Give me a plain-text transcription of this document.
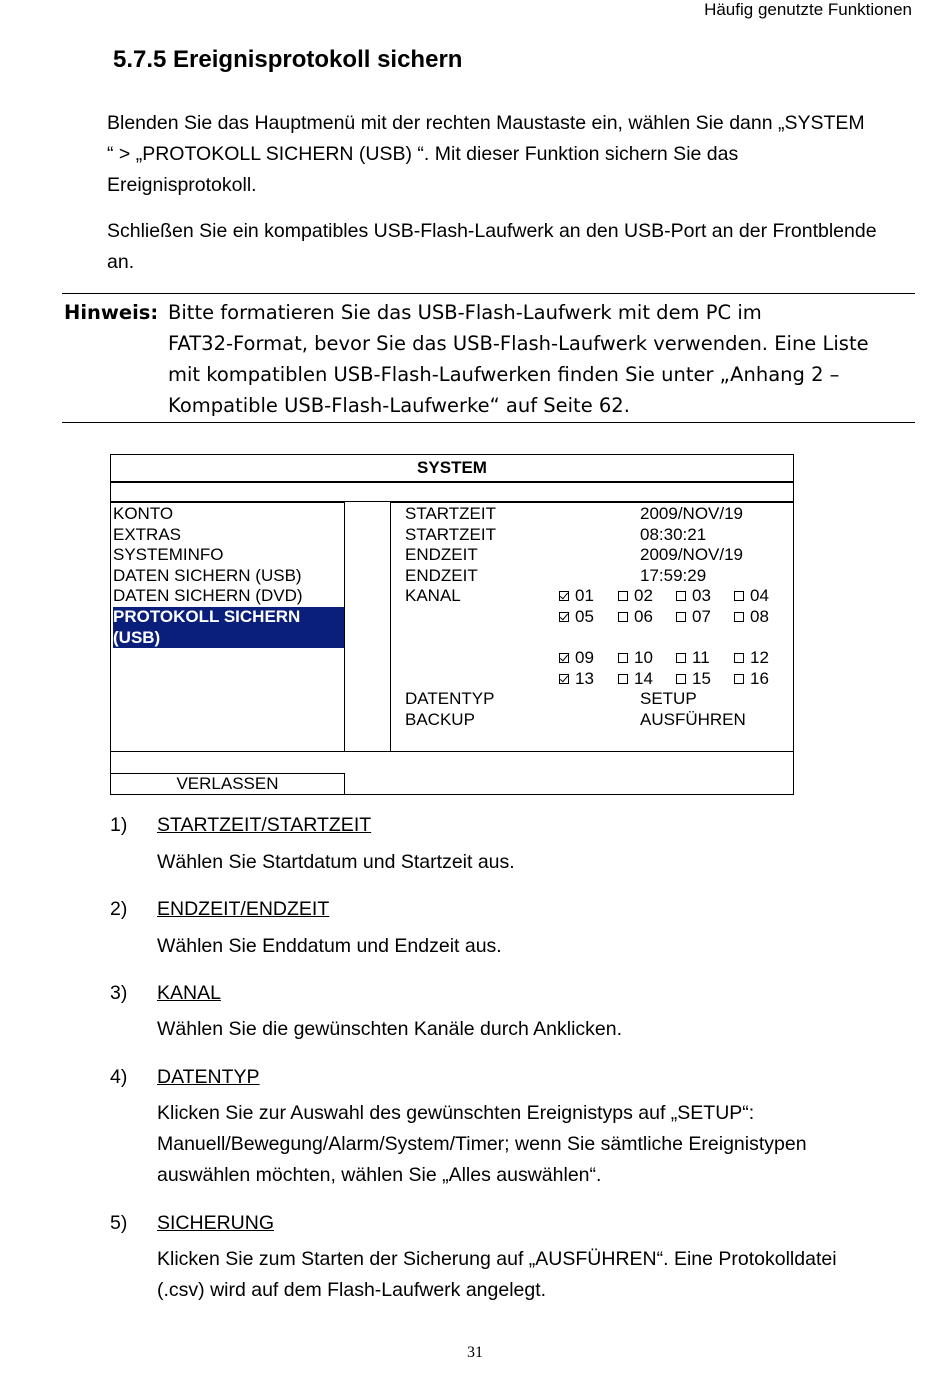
Häufig genutzte Funktionen
5.7.5 Ereignisprotokoll sichern
Blenden Sie das Hauptmenü mit der rechten Maustaste ein, wählen Sie dann „SYSTEM
“ > „PROTOKOLL SICHERN (USB) “. Mit dieser Funktion sichern Sie das
Ereignisprotokoll.
Schließen Sie ein kompatibles USB-Flash-Laufwerk an den USB-Port an der Frontblende
an.
Hinweis: Bitte formatieren Sie das USB-Flash-Laufwerk mit dem PC im
FAT32-Format, bevor Sie das USB-Flash-Laufwerk verwenden. Eine Liste
mit kompatiblen USB-Flash-Laufwerken finden Sie unter „Anhang 2 –
Kompatible USB-Flash-Laufwerke“ auf Seite 62.
SYSTEM
KONTO
EXTRAS
SYSTEMINFO
DATEN SICHERN (USB)
DATEN SICHERN (DVD)
PROTOKOLL SICHERN
(USB)
STARTZEIT	2009/NOV/19
STARTZEIT	08:30:21
ENDZEIT	2009/NOV/19
ENDZEIT	17:59:29
KANAL	01	02	03	04
05	06	07	08
09	10	11	12
13	14	15	16
DATENTYP	SETUP
BACKUP	AUSFÜHREN
VERLASSEN
1) STARTZEIT/STARTZEIT
Wählen Sie Startdatum und Startzeit aus.
2) ENDZEIT/ENDZEIT
Wählen Sie Enddatum und Endzeit aus.
3) KANAL
Wählen Sie die gewünschten Kanäle durch Anklicken.
4) DATENTYP
Klicken Sie zur Auswahl des gewünschten Ereignistyps auf „SETUP“:
Manuell/Bewegung/Alarm/System/Timer; wenn Sie sämtliche Ereignistypen
auswählen möchten, wählen Sie „Alles auswählen“.
5) SICHERUNG
Klicken Sie zum Starten der Sicherung auf „AUSFÜHREN“. Eine Protokolldatei
(.csv) wird auf dem Flash-Laufwerk angelegt.
31
